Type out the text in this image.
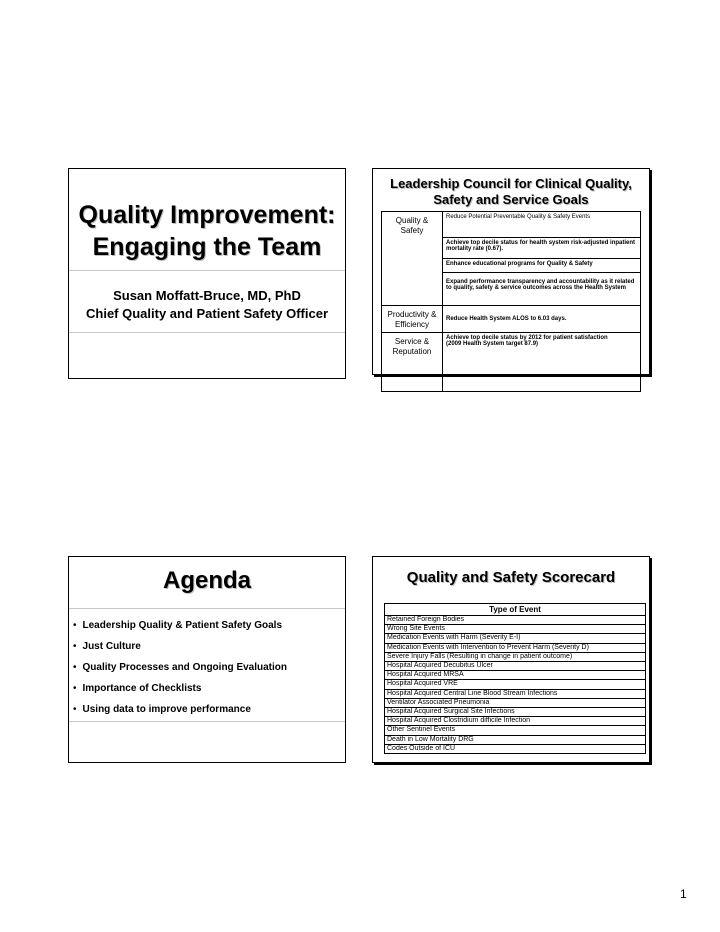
Quality Improvement:
Engaging the Team
Susan Moffatt-Bruce, MD, PhD
Chief Quality and Patient Safety Officer
Leadership Council for Clinical Quality,
Safety and Service Goals
Quality & Safety	Reduce Potential Preventable Quality & Safety Events
	Achieve top decile status for health system risk-adjusted inpatient mortality rate (0.67).
	Enhance educational programs for Quality & Safety
	Expand performance transparency and accountability as it related to quality, safety & service outcomes across the Health System
Productivity & Efficiency	Reduce Health System ALOS to 6.03 days.
Service & Reputation	Achieve top decile status by 2012 for patient satisfaction
(2009 Health System target 87.9)
Agenda
• Leadership Quality & Patient Safety Goals
• Just Culture
• Quality Processes and Ongoing Evaluation
• Importance of Checklists
• Using data to improve performance
Quality and Safety Scorecard
Type of Event
Retained Foreign Bodies
Wrong Site Events
Medication Events with Harm (Severity E-I)
Medication Events with Intervention to Prevent Harm (Severity D)
Severe Injury Falls (Resulting in change in patient outcome)
Hospital Acquired Decubitus Ulcer
Hospital Acquired MRSA
Hospital Acquired VRE
Hospital Acquired Central Line Blood Stream Infections
Ventilator Associated Pneumonia
Hospital Acquired Surgical Site Infections
Hospital Acquired Clostridium difficile Infection
Other Sentinel Events
Death in Low Mortality DRG
Codes Outside of ICU
1
